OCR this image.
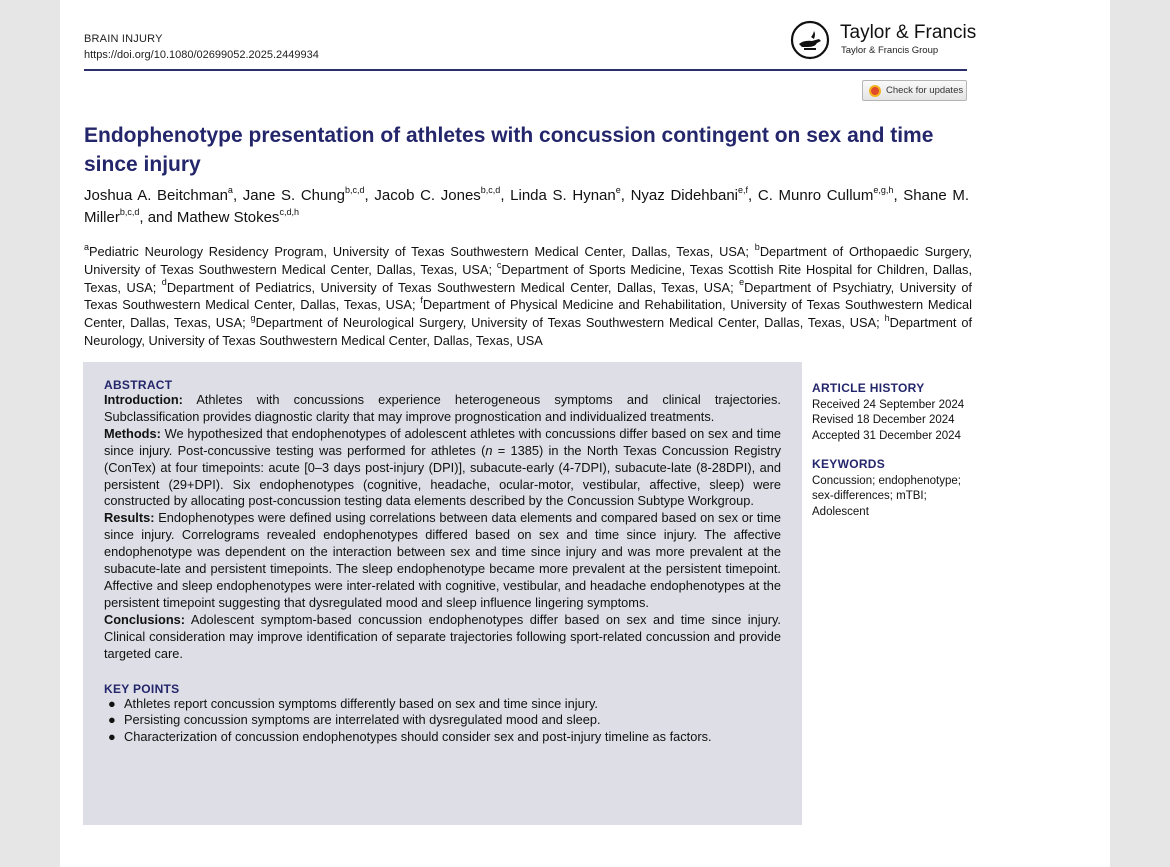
BRAIN INJURY
https://doi.org/10.1080/02699052.2025.2449934
Taylor & Francis
Taylor & Francis Group
Check for updates
Endophenotype presentation of athletes with concussion contingent on sex and time since injury
Joshua A. Beitchman$^a$, Jane S. Chung$^{b,c,d}$, Jacob C. Jones$^{b,c,d}$, Linda S. Hynan$^e$, Nyaz Didehbani$^{e,f}$, C. Munro Cullum$^{e,g,h}$, Shane M. Miller$^{b,c,d}$, and Mathew Stokes$^{c,d,h}$
$^a$Pediatric Neurology Residency Program, University of Texas Southwestern Medical Center, Dallas, Texas, USA; $^b$Department of Orthopaedic Surgery, University of Texas Southwestern Medical Center, Dallas, Texas, USA; $^c$Department of Sports Medicine, Texas Scottish Rite Hospital for Children, Dallas, Texas, USA; $^d$Department of Pediatrics, University of Texas Southwestern Medical Center, Dallas, Texas, USA; $^e$Department of Psychiatry, University of Texas Southwestern Medical Center, Dallas, Texas, USA; $^f$Department of Physical Medicine and Rehabilitation, University of Texas Southwestern Medical Center, Dallas, Texas, USA; $^g$Department of Neurological Surgery, University of Texas Southwestern Medical Center, Dallas, Texas, USA; $^h$Department of Neurology, University of Texas Southwestern Medical Center, Dallas, Texas, USA
ABSTRACT

Introduction: Athletes with concussions experience heterogeneous symptoms and clinical trajectories. Subclassification provides diagnostic clarity that may improve prognostication and individualized treatments.

Methods: We hypothesized that endophenotypes of adolescent athletes with concussions differ based on sex and time since injury. Post-concussive testing was performed for athletes (n = 1385) in the North Texas Concussion Registry (ConTex) at four timepoints: acute [0–3 days post-injury (DPI)], subacute-early (4-7DPI), subacute-late (8-28DPI), and persistent (29+DPI). Six endophenotypes (cognitive, headache, ocular-motor, vestibular, affective, sleep) were constructed by allocating post-concussion testing data elements described by the Concussion Subtype Workgroup.

Results: Endophenotypes were defined using correlations between data elements and compared based on sex or time since injury. Correlograms revealed endophenotypes differed based on sex and time since injury. The affective endophenotype was dependent on the interaction between sex and time since injury and was more prevalent at the subacute-late and persistent timepoints. The sleep endophenotype became more prevalent at the persistent timepoint. Affective and sleep endophenotypes were inter-related with cognitive, vestibular, and headache endophenotypes at the persistent timepoint suggesting that dysregulated mood and sleep influence lingering symptoms.

Conclusions: Adolescent symptom-based concussion endophenotypes differ based on sex and time since injury. Clinical consideration may improve identification of separate trajectories following sport-related concussion and provide targeted care.

KEY POINTS
● Athletes report concussion symptoms differently based on sex and time since injury.
● Persisting concussion symptoms are interrelated with dysregulated mood and sleep.
● Characterization of concussion endophenotypes should consider sex and post-injury timeline as factors.
ARTICLE HISTORY
Received 24 September 2024
Revised 18 December 2024
Accepted 31 December 2024
KEYWORDS
Concussion; endophenotype; sex-differences; mTBI; Adolescent
